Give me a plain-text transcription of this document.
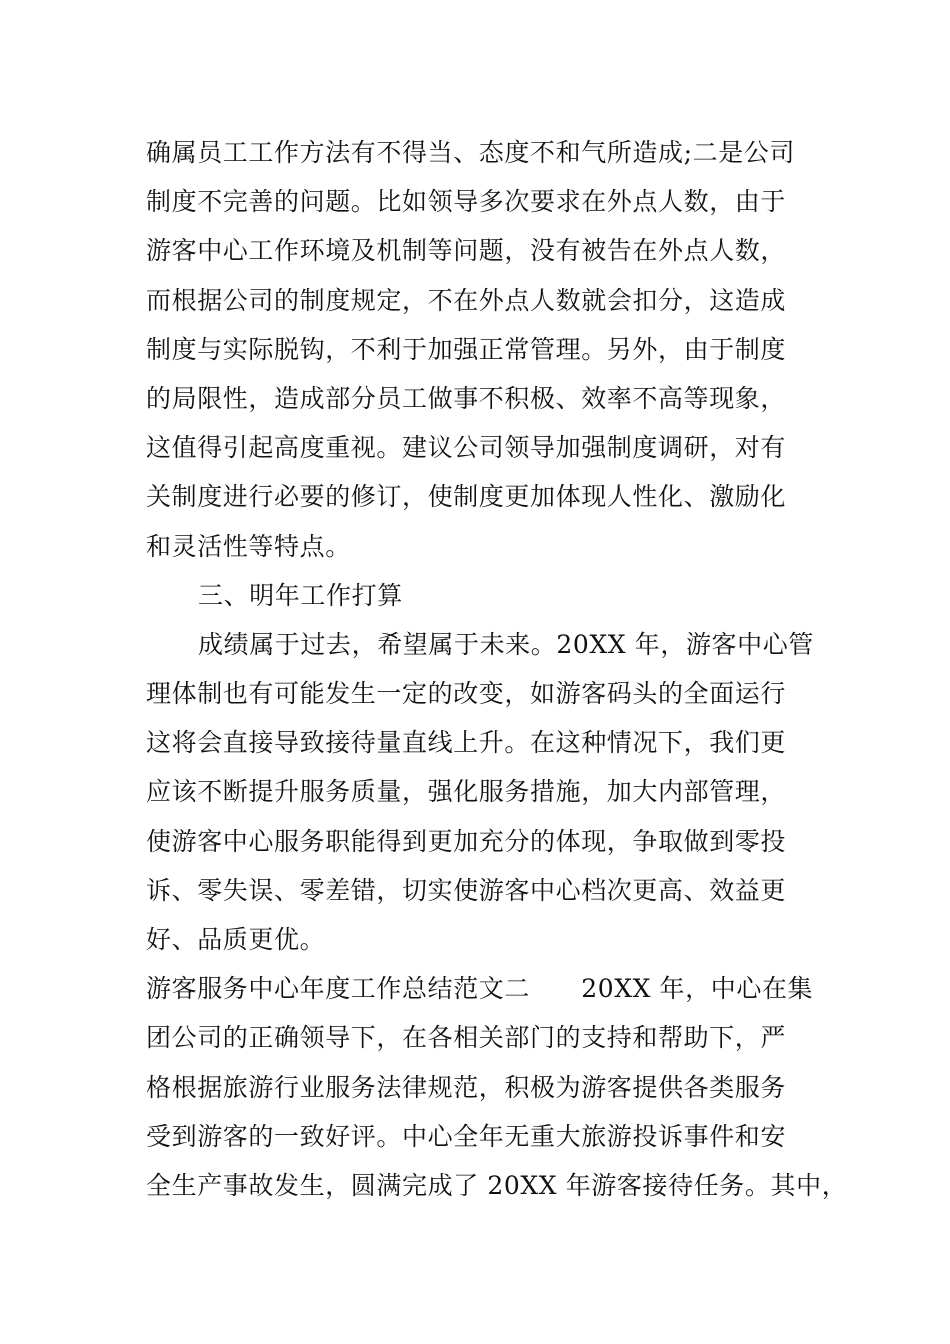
确属员工工作方法有不得当、态度不和气所造成;二是公司
制度不完善的问题。比如领导多次要求在外点人数，由于
游客中心工作环境及机制等问题，没有被告在外点人数，
而根据公司的制度规定，不在外点人数就会扣分，这造成
制度与实际脱钩，不利于加强正常管理。另外，由于制度
的局限性，造成部分员工做事不积极、效率不高等现象，
这值得引起高度重视。建议公司领导加强制度调研，对有
关制度进行必要的修订，使制度更加体现人性化、激励化
和灵活性等特点。
三、明年工作打算
成绩属于过去，希望属于未来。20XX 年，游客中心管
理体制也有可能发生一定的改变，如游客码头的全面运行
这将会直接导致接待量直线上升。在这种情况下，我们更
应该不断提升服务质量，强化服务措施，加大内部管理，
使游客中心服务职能得到更加充分的体现，争取做到零投
诉、零失误、零差错，切实使游客中心档次更高、效益更
好、品质更优。
游客服务中心年度工作总结范文二　　20XX 年，中心在集
团公司的正确领导下，在各相关部门的支持和帮助下，严
格根据旅游行业服务法律规范，积极为游客提供各类服务
受到游客的一致好评。中心全年无重大旅游投诉事件和安
全生产事故发生，圆满完成了 20XX 年游客接待任务。其中，
